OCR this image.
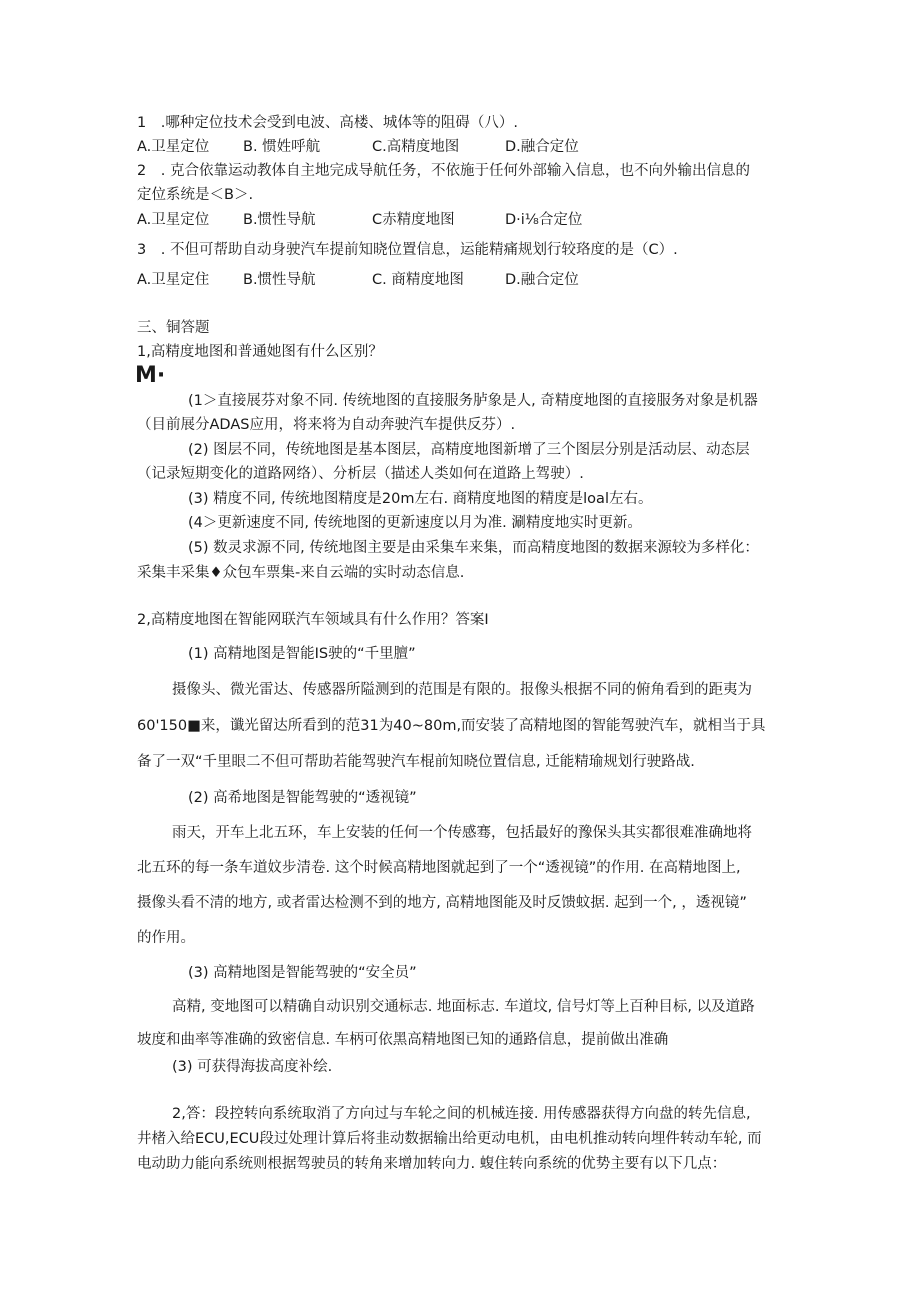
1　.哪种定位技术会受到电波、高楼、城体等的阻碍（八）.
A.卫星定位 B. 惯姓呼航	C.高精度地图	D.融合定位
2　. 克合依靠运动教体自主地完成导航任务，不依施于任何外部输入信息，也不向外输出信息的
定位系统是＜B＞.
A.卫星定位 B.惯性导航	C赤精度地图	D·i⅛合定位
3　. 不但可帮助自动身驶汽车提前知晓位置信息，运能精痛规划行较珞度的是（C）.
A.卫星定住 B.惯性导航	C. 商精度地图	D.融合定位
三、铜答题
1,高精度地图和普通她图有什么区别？
M·
(1＞直接展芬对象不同. 传统地图的直接服务胪象是人, 奇精度地图的直接服务对象是机器
（目前展分ADAS应用，将来将为自动奔驶汽车提供反芬）.
(2) 图层不同，传统地图是基本图层，高精度地图新增了三个图层分别是活动层、动态层
（记录短期变化的道路网络）、分析层（描述人类如何在道路上驾驶）.
(3) 精度不同, 传统地图精度是20m左右. 商精度地图的精度是loal左右。
(4＞更新速度不同, 传统地图的更新速度以月为准. 涮精度地实时更新。
(5) 数灵求源不同, 传统地图主要是由采集车来集，而高精度地图的数据来源较为多样化：
采集丰采集♦众包车票集-来自云端的实时动态信息.
2,高精度地图在智能网联汽车领域具有什么作用？答案I
(1) 高精地图是智能IS驶的“千里膻”
摄像头、微光雷达、传感器所隘测到的范围是有限的。报像头根据不同的俯角看到的距夷为
60'150■来，谶光留达所看到的范31为40~80m,而安装了高精地图的智能驾驶汽车，就相当于具
备了一双“千里眼二不但可帮助若能驾驶汽车棍前知晓位置信息, 迁能精瑜规划行驶路战.
(2) 高希地图是智能驾驶的“透视镜”
雨天，开车上北五环，车上安装的任何一个传感骞，包括最好的豫保头其实都很难准确地将
北五环的每一条车道妏步清卷. 这个时候高精地图就起到了一个“透视镜”的作用. 在高精地图上,
摄像头看不清的地方, 或者雷达检测不到的地方, 高精地图能及时反馈蚊据. 起到一个, ，透视镜”
的作用。
(3) 高精地图是智能驾驶的“安全员”
高精, 变地图可以精确自动识别交通标志. 地面标志. 车道坟, 信号灯等上百种目标, 以及道路
坡度和曲率等准确的致密信息. 车柄可依黑高精地图已知的通路信息，提前做出准确
(3) 可获得海拔高度补绘.
2,答：段控转向系统取消了方向过与车轮之间的机械连接. 用传感器获得方向盘的转先信息,
井楮入给ECU,ECU段过处理计算后将韭动数据输出给更动电机，由电机推动转向埋件转动车轮, 而
电动助力能向系统则根据驾驶员的转角来增加转向力. 蝮住转向系统的优势主要有以下几点：
